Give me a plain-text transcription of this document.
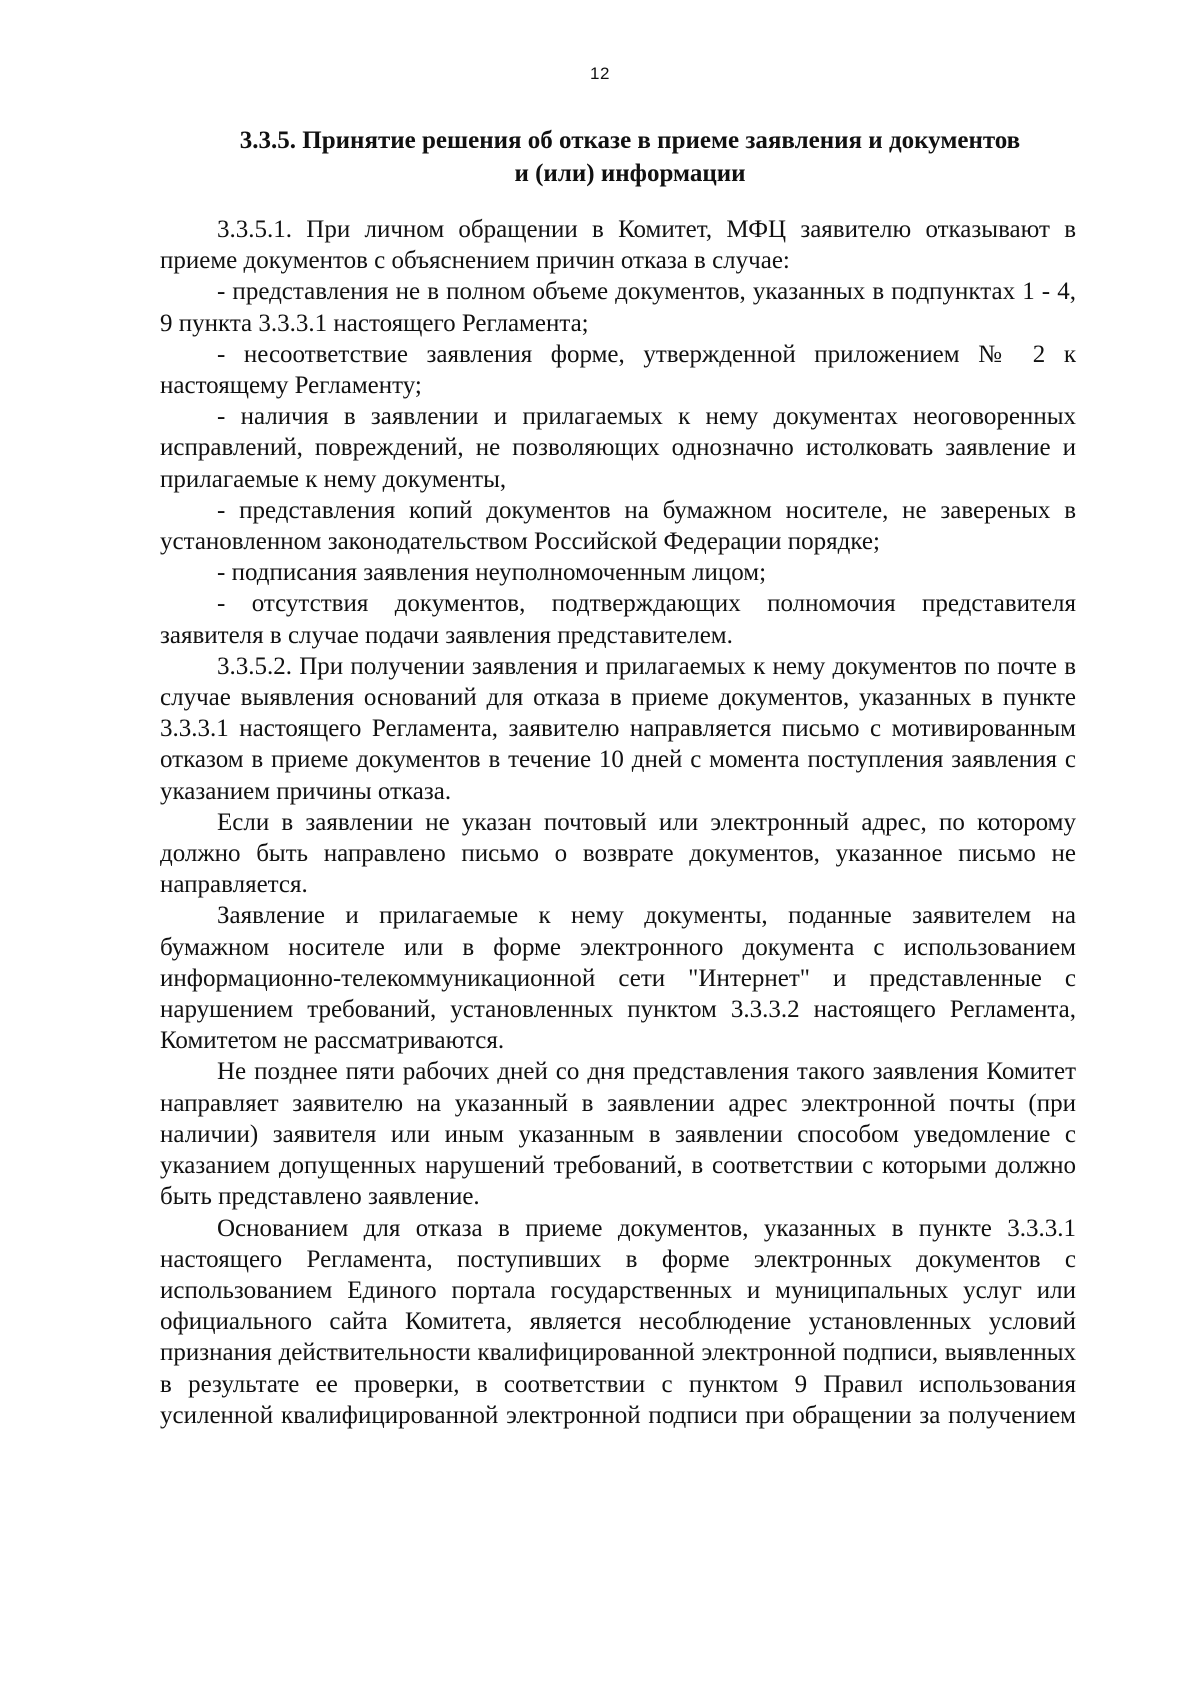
12
3.3.5. Принятие решения об отказе в приеме заявления и документов
и (или) информации

3.3.5.1. При личном обращении в Комитет, МФЦ заявителю отказывают в приеме документов с объяснением причин отказа в случае:

- представления не в полном объеме документов, указанных в подпунктах 1 - 4, 9 пункта 3.3.3.1 настоящего Регламента;

- несоответствие заявления форме, утвержденной приложением № 2 к настоящему Регламенту;

- наличия в заявлении и прилагаемых к нему документах неоговоренных исправлений, повреждений, не позволяющих однозначно истолковать заявление и прилагаемые к нему документы,

- представления копий документов на бумажном носителе, не завереных в установленном законодательством Российской Федерации порядке;

- подписания заявления неуполномоченным лицом;

- отсутствия документов, подтверждающих полномочия представителя заявителя в случае подачи заявления представителем.

3.3.5.2. При получении заявления и прилагаемых к нему документов по почте в случае выявления оснований для отказа в приеме документов, указанных в пункте 3.3.3.1 настоящего Регламента, заявителю направляется письмо с мотивированным отказом в приеме документов в течение 10 дней с момента поступления заявления с указанием причины отказа.

Если в заявлении не указан почтовый или электронный адрес, по которому должно быть направлено письмо о возврате документов, указанное письмо не направляется.

Заявление и прилагаемые к нему документы, поданные заявителем на бумажном носителе или в форме электронного документа с использованием информационно-телекоммуникационной сети "Интернет" и представленные с нарушением требований, установленных пунктом 3.3.3.2 настоящего Регламента, Комитетом не рассматриваются.

Не позднее пяти рабочих дней со дня представления такого заявления Комитет направляет заявителю на указанный в заявлении адрес электронной почты (при наличии) заявителя или иным указанным в заявлении способом уведомление с указанием допущенных нарушений требований, в соответствии с которыми должно быть представлено заявление.

Основанием для отказа в приеме документов, указанных в пункте 3.3.3.1 настоящего Регламента, поступивших в форме электронных документов с использованием Единого портала государственных и муниципальных услуг или официального сайта Комитета, является несоблюдение установленных условий признания действительности квалифицированной электронной подписи, выявленных в результате ее проверки, в соответствии с пунктом 9 Правил использования усиленной квалифицированной электронной подписи при обращении за получением
